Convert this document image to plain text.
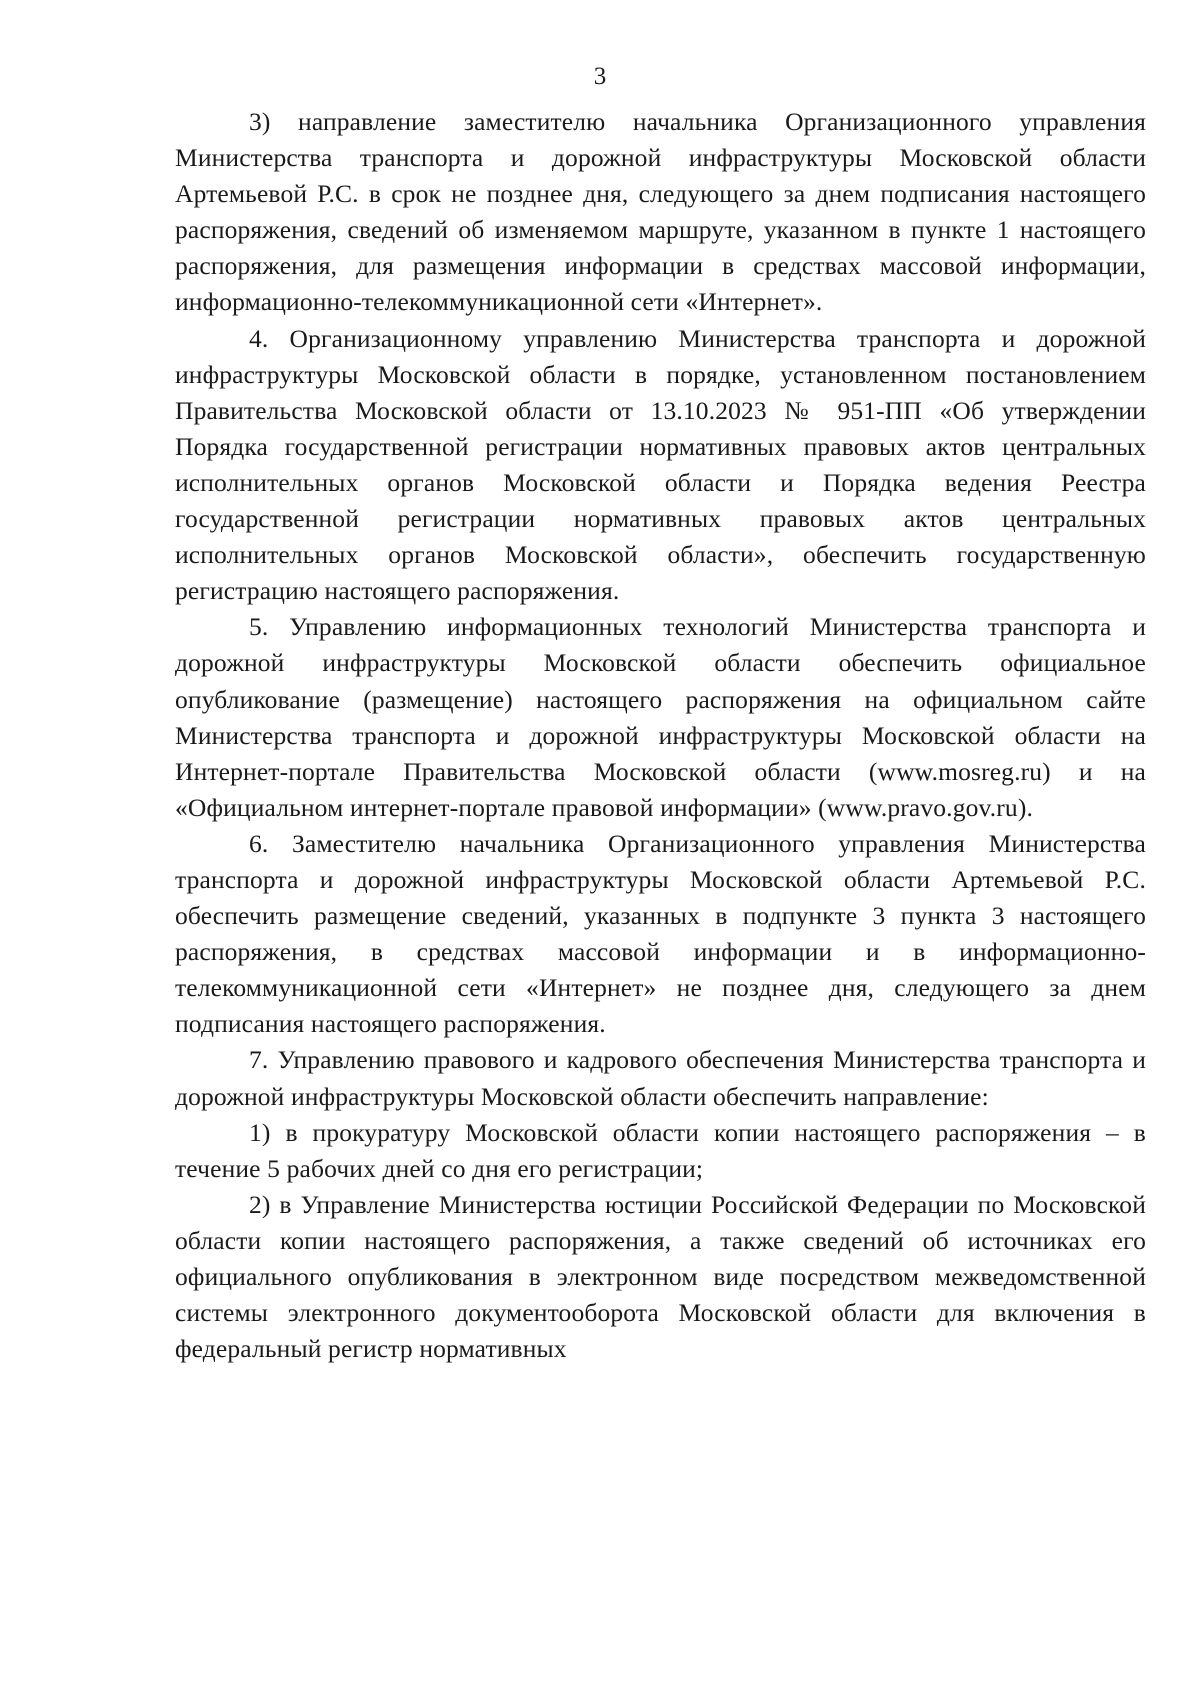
3

3) направление заместителю начальника Организационного управления Министерства транспорта и дорожной инфраструктуры Московской области Артемьевой Р.С. в срок не позднее дня, следующего за днем подписания настоящего распоряжения, сведений об изменяемом маршруте, указанном в пункте 1 настоящего распоряжения, для размещения информации в средствах массовой информации, информационно-телекоммуникационной сети «Интернет».

4. Организационному управлению Министерства транспорта и дорожной инфраструктуры Московской области в порядке, установленном постановлением Правительства Московской области от 13.10.2023 № 951-ПП «Об утверждении Порядка государственной регистрации нормативных правовых актов центральных исполнительных органов Московской области и Порядка ведения Реестра государственной регистрации нормативных правовых актов центральных исполнительных органов Московской области», обеспечить государственную регистрацию настоящего распоряжения.

5. Управлению информационных технологий Министерства транспорта и дорожной инфраструктуры Московской области обеспечить официальное опубликование (размещение) настоящего распоряжения на официальном сайте Министерства транспорта и дорожной инфраструктуры Московской области на Интернет-портале Правительства Московской области (www.mosreg.ru) и на «Официальном интернет-портале правовой информации» (www.pravo.gov.ru).

6. Заместителю начальника Организационного управления Министерства транспорта и дорожной инфраструктуры Московской области Артемьевой Р.С. обеспечить размещение сведений, указанных в подпункте 3 пункта 3 настоящего распоряжения, в средствах массовой информации и в информационно-телекоммуникационной сети «Интернет» не позднее дня, следующего за днем подписания настоящего распоряжения.

7. Управлению правового и кадрового обеспечения Министерства транспорта и дорожной инфраструктуры Московской области обеспечить направление:

1) в прокуратуру Московской области копии настоящего распоряжения – в течение 5 рабочих дней со дня его регистрации;

2) в Управление Министерства юстиции Российской Федерации по Московской области копии настоящего распоряжения, а также сведений об источниках его официального опубликования в электронном виде посредством межведомственной системы электронного документооборота Московской области для включения в федеральный регистр нормативных
